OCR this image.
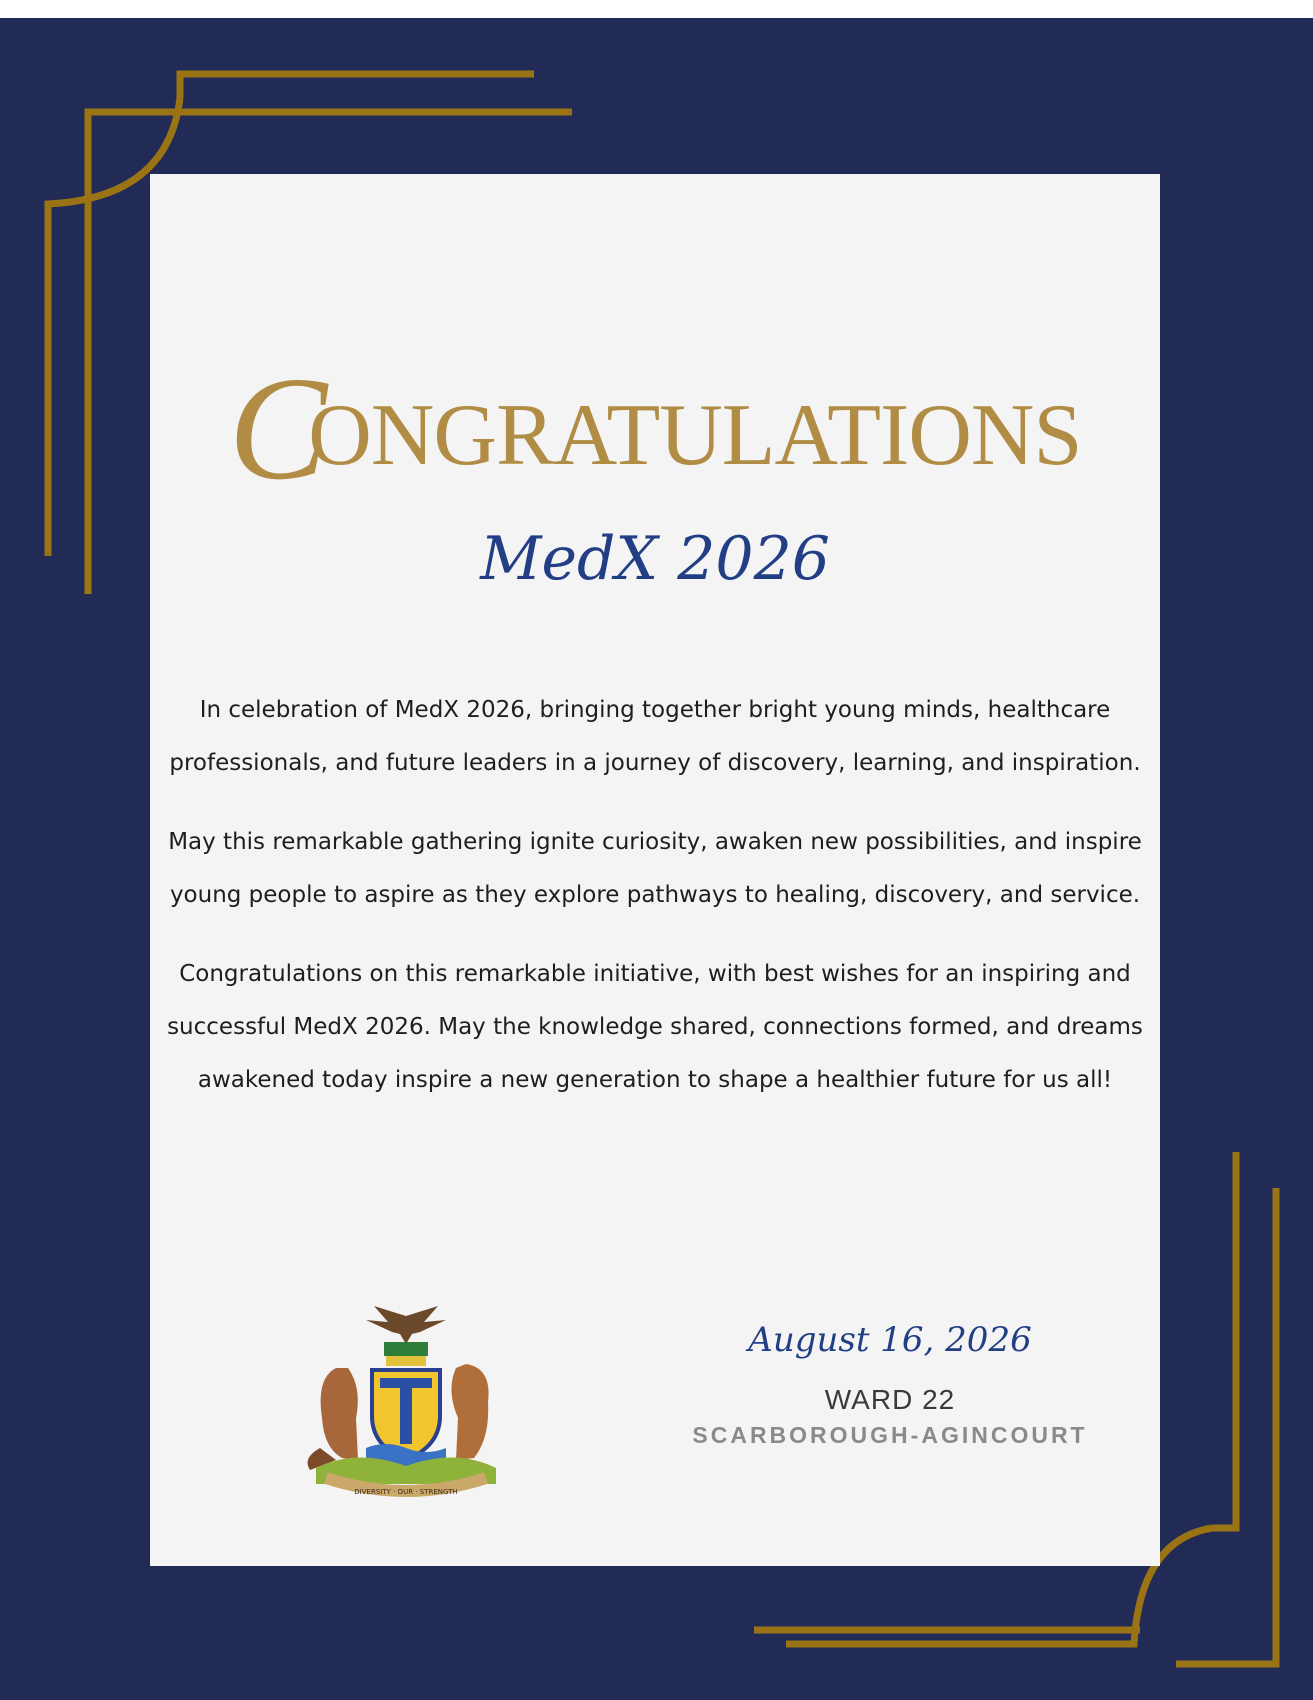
CONGRATULATIONS
MedX 2026

In celebration of MedX 2026, bringing together bright young minds, healthcare professionals, and future leaders in a journey of discovery, learning, and inspiration.

May this remarkable gathering ignite curiosity, awaken new possibilities, and inspire young people to aspire as they explore pathways to healing, discovery, and service.

Congratulations on this remarkable initiative, with best wishes for an inspiring and successful MedX 2026. May the knowledge shared, connections formed, and dreams awakened today inspire a new generation to shape a healthier future for us all!

DIVERSITY · OUR · STRENGTH
August 16, 2026
WARD 22
SCARBOROUGH-AGINCOURT
